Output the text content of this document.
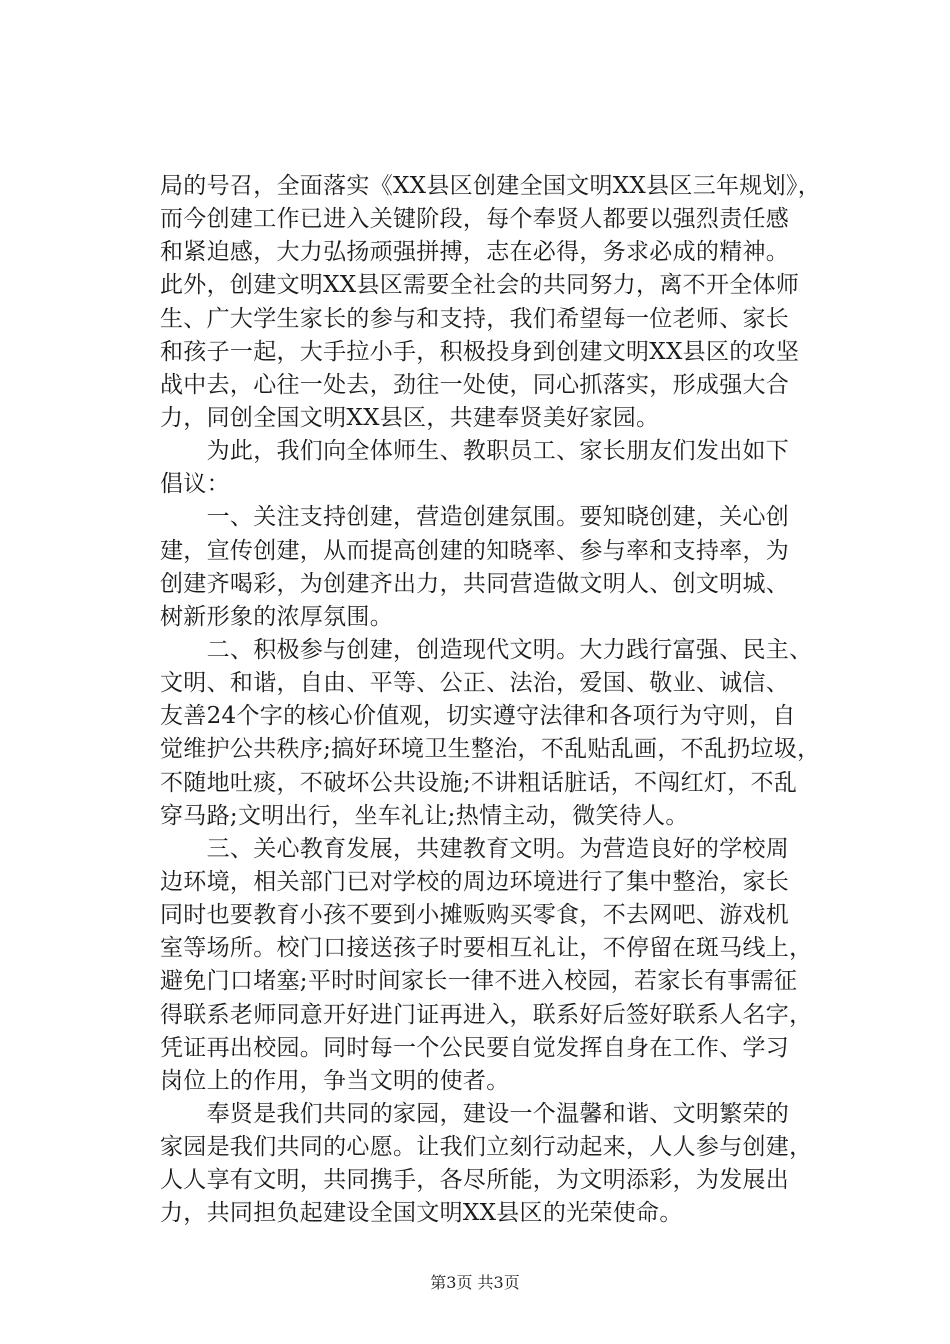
局的号召，全面落实《XX县区创建全国文明XX县区三年规划》，
而今创建工作已进入关键阶段，每个奉贤人都要以强烈责任感
和紧迫感，大力弘扬顽强拼搏，志在必得，务求必成的精神。
此外，创建文明XX县区需要全社会的共同努力，离不开全体师
生、广大学生家长的参与和支持，我们希望每一位老师、家长
和孩子一起，大手拉小手，积极投身到创建文明XX县区的攻坚
战中去，心往一处去，劲往一处使，同心抓落实，形成强大合
力，同创全国文明XX县区，共建奉贤美好家园。
　　为此，我们向全体师生、教职员工、家长朋友们发出如下
倡议：
　　一、关注支持创建，营造创建氛围。要知晓创建，关心创
建，宣传创建，从而提高创建的知晓率、参与率和支持率，为
创建齐喝彩，为创建齐出力，共同营造做文明人、创文明城、
树新形象的浓厚氛围。
　　二、积极参与创建，创造现代文明。大力践行富强、民主、
文明、和谐，自由、平等、公正、法治，爱国、敬业、诚信、
友善24个字的核心价值观，切实遵守法律和各项行为守则，自
觉维护公共秩序;搞好环境卫生整治，不乱贴乱画，不乱扔垃圾，
不随地吐痰，不破坏公共设施;不讲粗话脏话，不闯红灯，不乱
穿马路;文明出行，坐车礼让;热情主动，微笑待人。
　　三、关心教育发展，共建教育文明。为营造良好的学校周
边环境，相关部门已对学校的周边环境进行了集中整治，家长
同时也要教育小孩不要到小摊贩购买零食，不去网吧、游戏机
室等场所。校门口接送孩子时要相互礼让，不停留在斑马线上，
避免门口堵塞;平时时间家长一律不进入校园，若家长有事需征
得联系老师同意开好进门证再进入，联系好后签好联系人名字，
凭证再出校园。同时每一个公民要自觉发挥自身在工作、学习
岗位上的作用，争当文明的使者。
　　奉贤是我们共同的家园，建设一个温馨和谐、文明繁荣的
家园是我们共同的心愿。让我们立刻行动起来，人人参与创建，
人人享有文明，共同携手，各尽所能，为文明添彩，为发展出
力，共同担负起建设全国文明XX县区的光荣使命。
第3页 共3页
